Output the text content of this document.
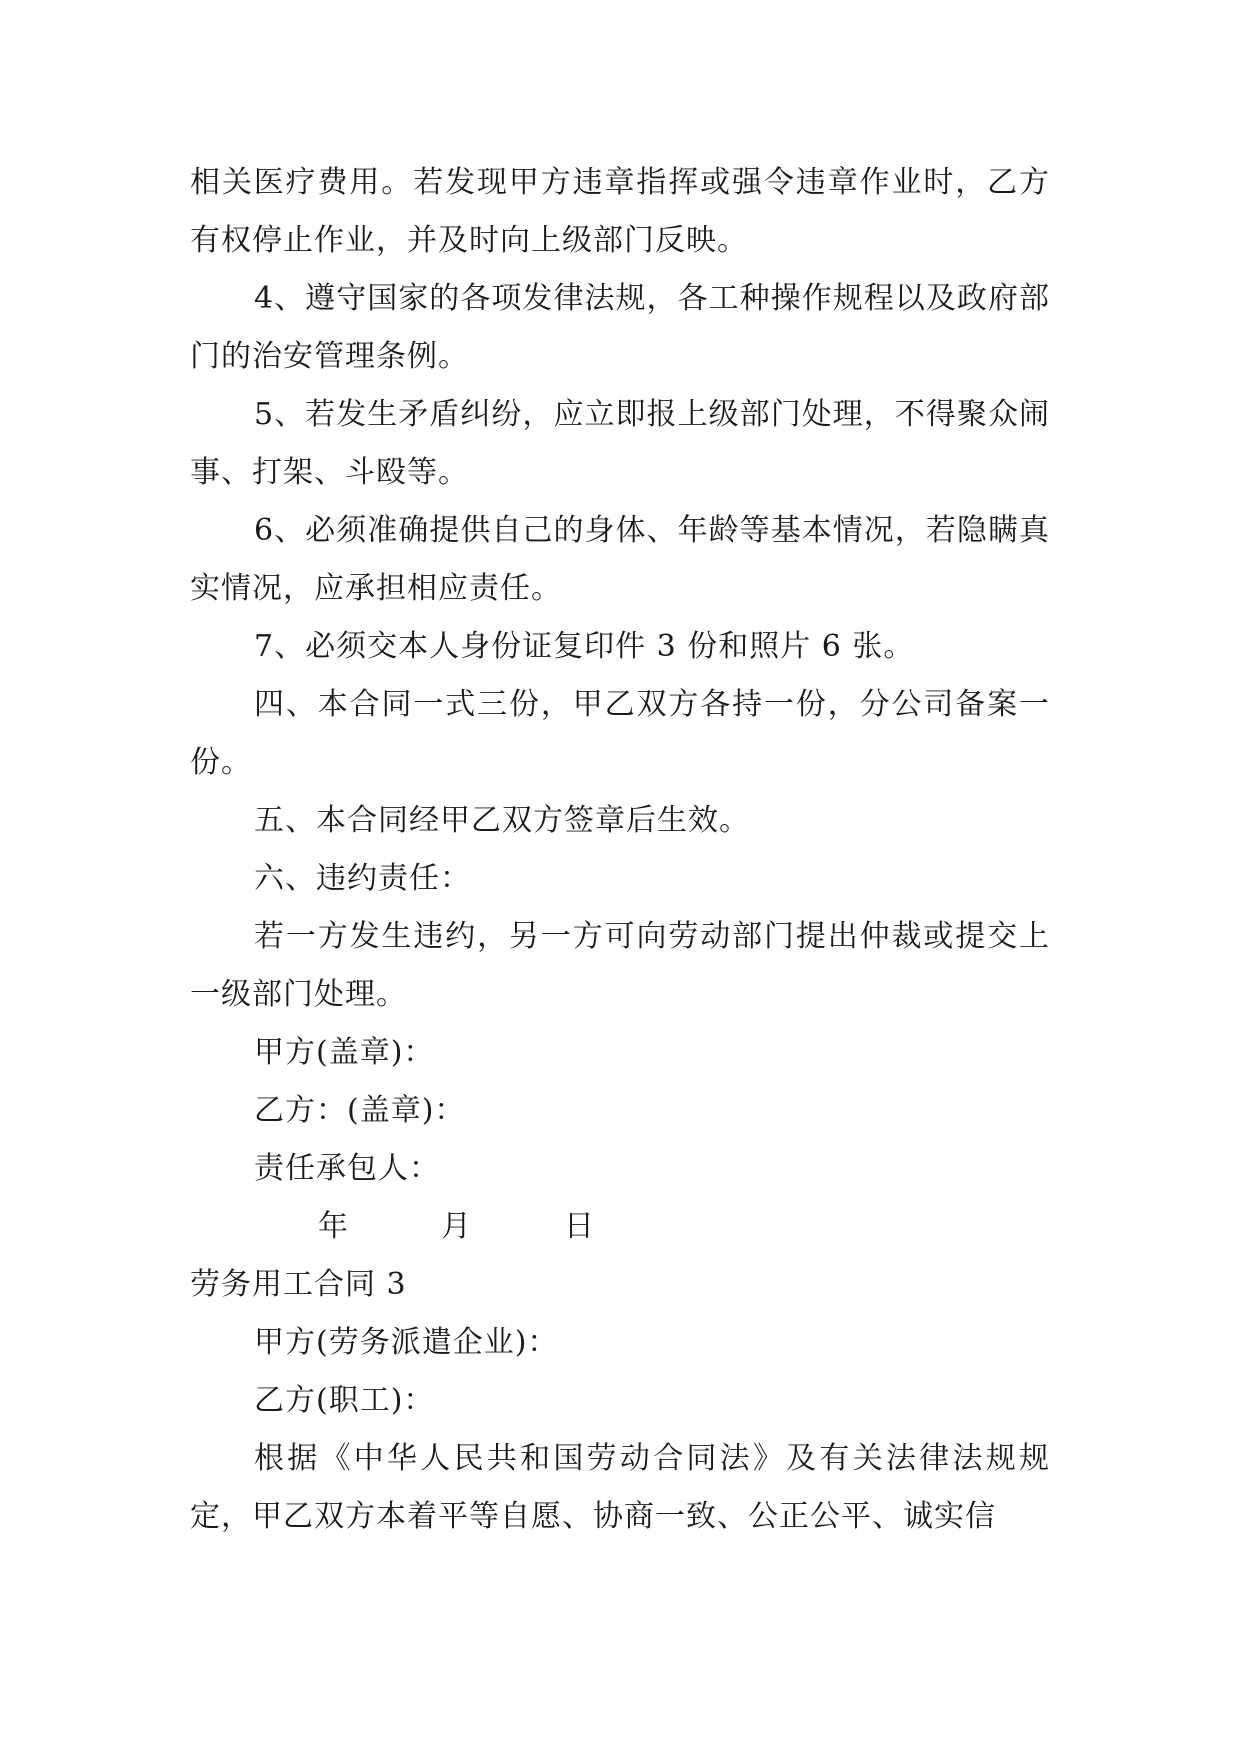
相关医疗费用。若发现甲方违章指挥或强令违章作业时，乙方有权停止作业，并及时向上级部门反映。

4、遵守国家的各项发律法规，各工种操作规程以及政府部门的治安管理条例。

5、若发生矛盾纠纷，应立即报上级部门处理，不得聚众闹事、打架、斗殴等。

6、必须准确提供自己的身体、年龄等基本情况，若隐瞒真实情况，应承担相应责任。

7、必须交本人身份证复印件 3 份和照片 6 张。

四、本合同一式三份，甲乙双方各持一份，分公司备案一份。

五、本合同经甲乙双方签章后生效。

六、违约责任：

若一方发生违约，另一方可向劳动部门提出仲裁或提交上一级部门处理。

甲方(盖章)：

乙方：(盖章)：

责任承包人：

年	月	日

劳务用工合同 3

甲方(劳务派遣企业)：

乙方(职工)：

根据《中华人民共和国劳动合同法》及有关法律法规规定，甲乙双方本着平等自愿、协商一致、公正公平、诚实信
